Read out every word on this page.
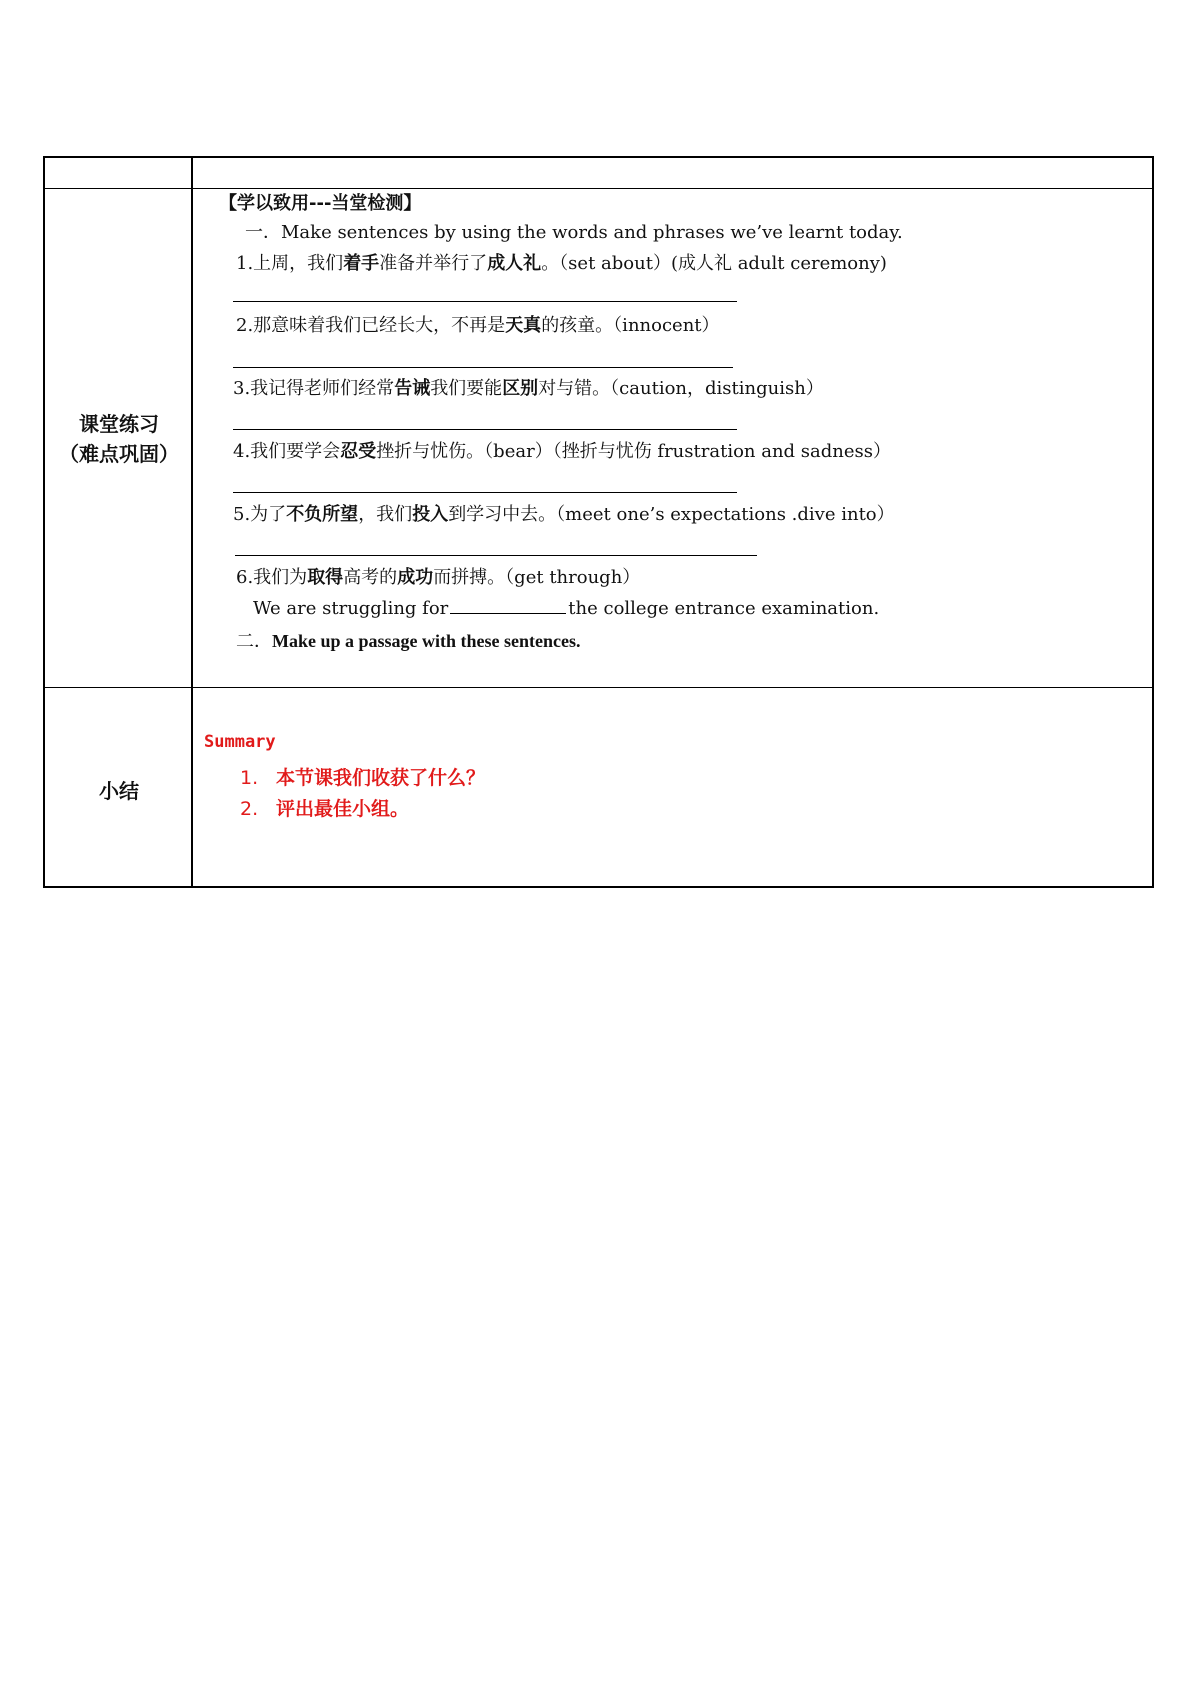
课堂练习
（难点巩固）
小结
【学以致用---当堂检测】
一．Make sentences by using the words and phrases we’ve learnt today.
1.上周，我们着手准备并举行了成人礼。（set about）(成人礼 adult ceremony)
2.那意味着我们已经长大，不再是天真的孩童。（innocent）
3.我记得老师们经常告诫我们要能区别对与错。（caution，distinguish）
4.我们要学会忍受挫折与忧伤。（bear）（挫折与忧伤 frustration and sadness）
5.为了不负所望，我们投入到学习中去。（meet one’s expectations .dive into）
6.我们为取得高考的成功而拼搏。（get through）
We are struggling for	the college entrance examination.
二．Make up a passage with these sentences.
Summary
1. 本节课我们收获了什么？
2. 评出最佳小组。
